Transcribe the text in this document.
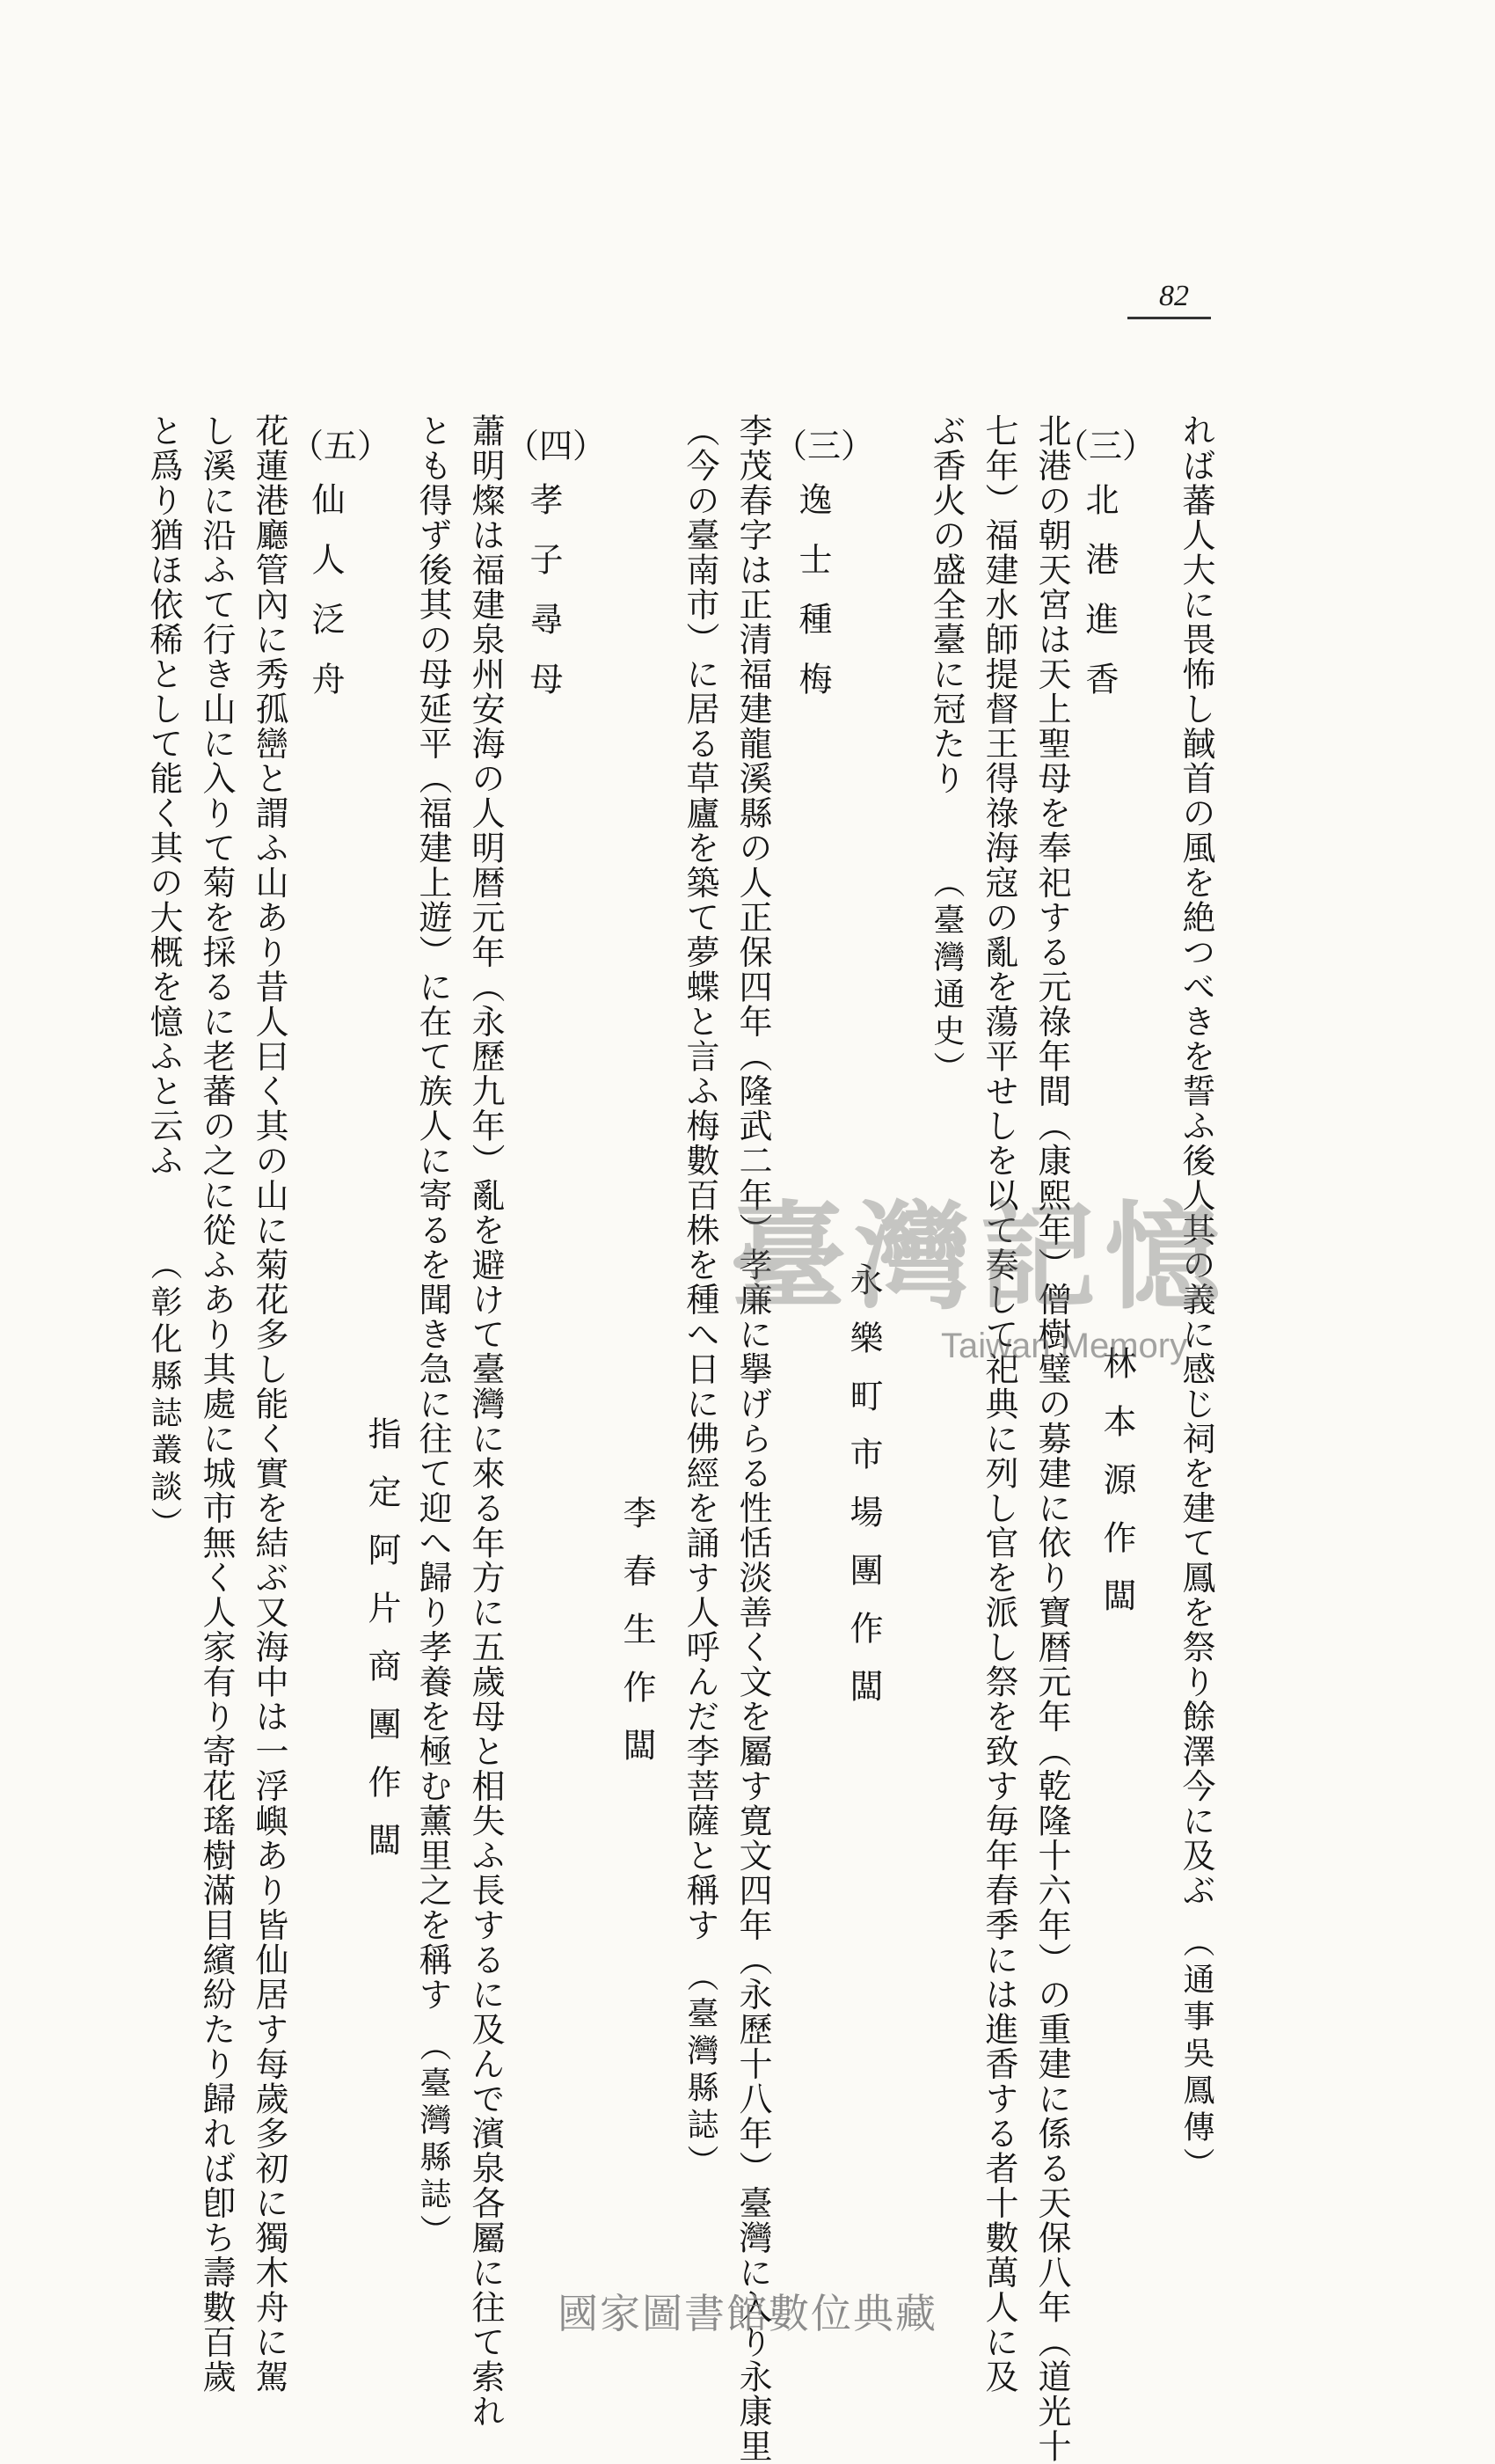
82
れば蕃人大に畏怖し馘首の風を絶つべきを誓ふ後人其の義に感じ祠を建て鳳を祭り餘澤今に及ぶ（通事吳鳳傳）
（三）
北港進香
林本源作闆
北港の朝天宮は天上聖母を奉祀する元祿年間（康熙年）僧樹璧の募建に依り寶暦元年（乾隆十六年）の重建に係る天保八年（道光十
七年）福建水師提督王得祿海寇の亂を蕩平せしを以て奏して祀典に列し官を派し祭を致す毎年春季には進香する者十數萬人に及
ぶ香火の盛全臺に冠たり（臺灣通史）
（三）
逸士種梅
永樂町市場團作闆
李茂春字は正清福建龍溪縣の人正保四年（隆武二年）孝廉に擧げらる性恬淡善く文を屬す寛文四年（永歷十八年）臺灣に入り永康里
（今の臺南市）に居る草廬を築て夢蝶と言ふ梅數百株を種へ日に佛經を誦す人呼んだ李菩薩と稱す（臺灣縣誌）
李春生作闆
（四）
孝子尋母
蕭明燦は福建泉州安海の人明暦元年（永歷九年）亂を避けて臺灣に來る年方に五歲母と相失ふ長するに及んで濱泉各屬に往て索れ
とも得ず後其の母延平（福建上遊）に在て族人に寄るを聞き急に往て迎へ歸り孝養を極む薰里之を稱す（臺灣縣誌）
指定阿片商團作闆
（五）
仙人泛舟
花蓮港廳管內に秀孤巒と謂ふ山あり昔人曰く其の山に菊花多し能く實を結ぶ又海中は一浮嶼あり皆仙居す每歲多初に獨木舟に駕
し溪に沿ふて行き山に入りて菊を採るに老蕃の之に從ふあり其處に城市無く人家有り寄花瑤樹滿目繽紛たり歸れば卽ち壽數百歲
と爲り猶ほ依稀として能く其の大概を憶ふと云ふ（彰化縣誌叢談）	臺灣記憶
Taiwan Memory
國家圖書館數位典藏
